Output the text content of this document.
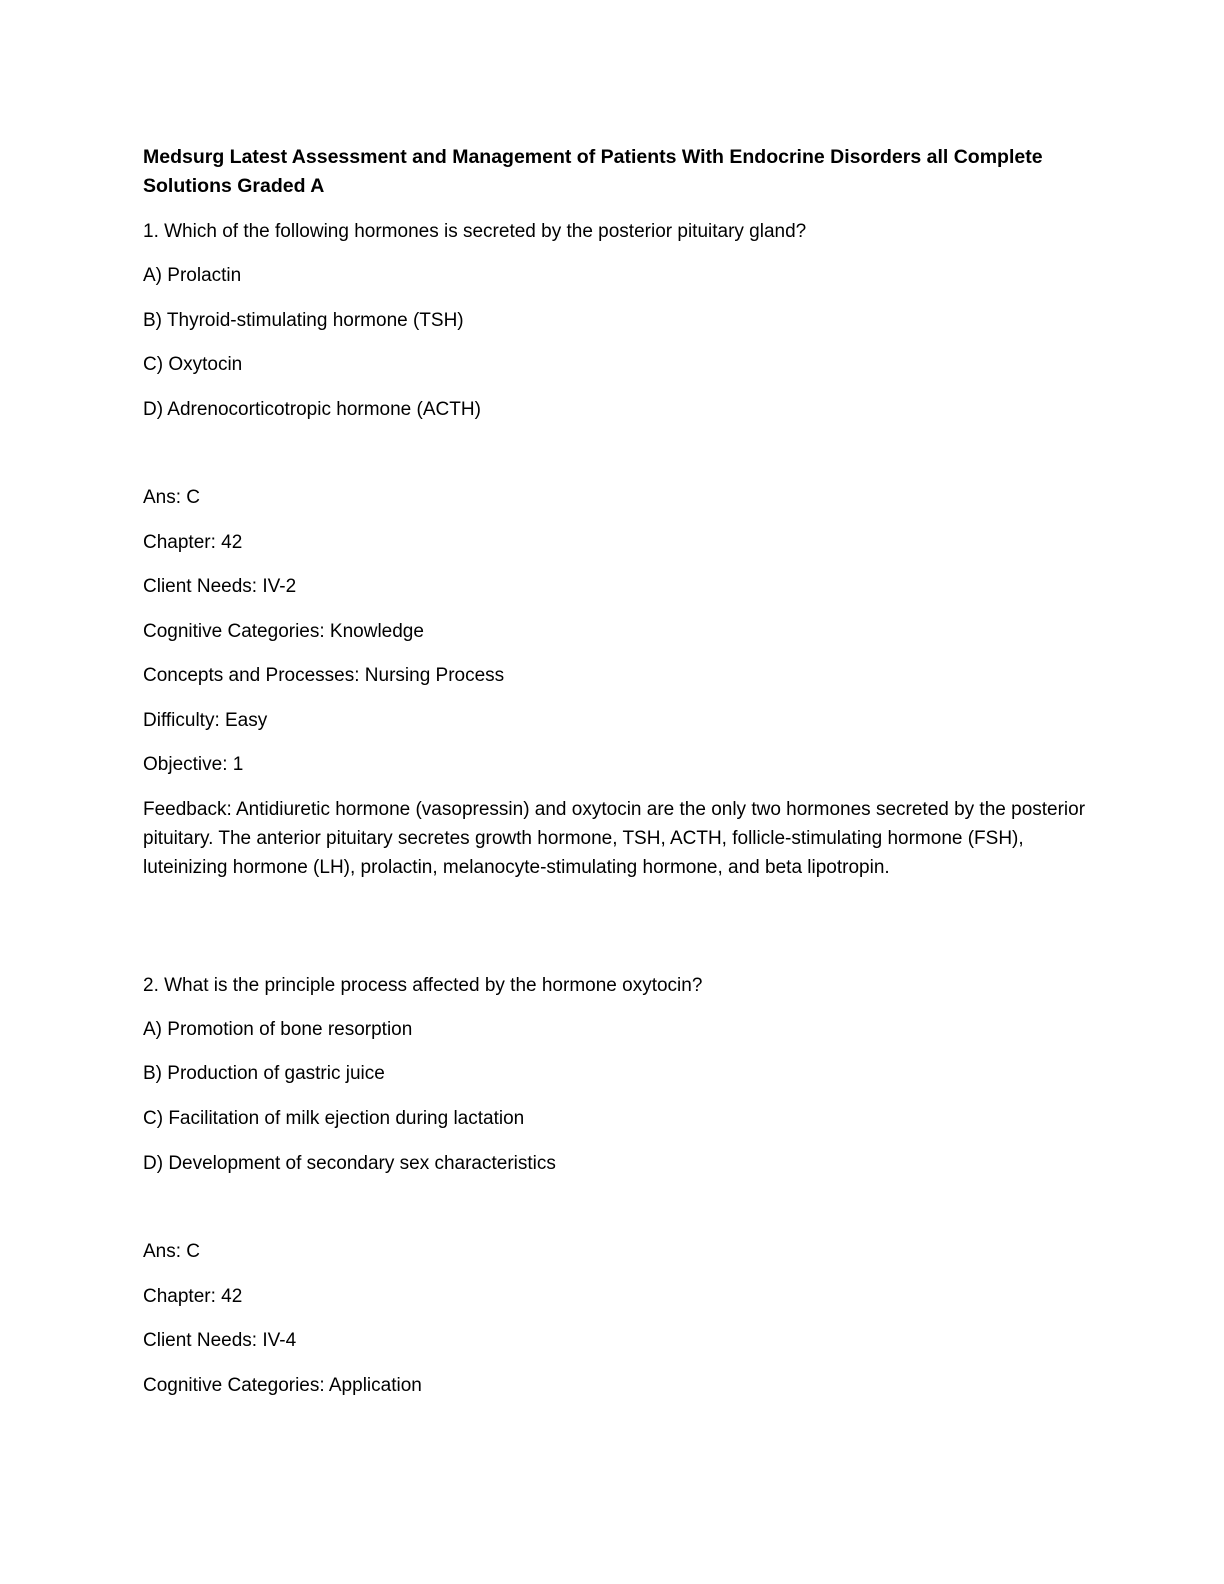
Medsurg Latest Assessment and Management of Patients With Endocrine Disorders all Complete Solutions Graded A
1. Which of the following hormones is secreted by the posterior pituitary gland?
A) Prolactin
B) Thyroid-stimulating hormone (TSH)
C) Oxytocin
D) Adrenocorticotropic hormone (ACTH)
Ans: C
Chapter: 42
Client Needs: IV-2
Cognitive Categories: Knowledge
Concepts and Processes: Nursing Process
Difficulty: Easy
Objective: 1
Feedback: Antidiuretic hormone (vasopressin) and oxytocin are the only two hormones secreted by the posterior pituitary. The anterior pituitary secretes growth hormone, TSH, ACTH, follicle-stimulating hormone (FSH), luteinizing hormone (LH), prolactin, melanocyte-stimulating hormone, and beta lipotropin.
2. What is the principle process affected by the hormone oxytocin?
A) Promotion of bone resorption
B) Production of gastric juice
C) Facilitation of milk ejection during lactation
D) Development of secondary sex characteristics
Ans: C
Chapter: 42
Client Needs: IV-4
Cognitive Categories: Application
